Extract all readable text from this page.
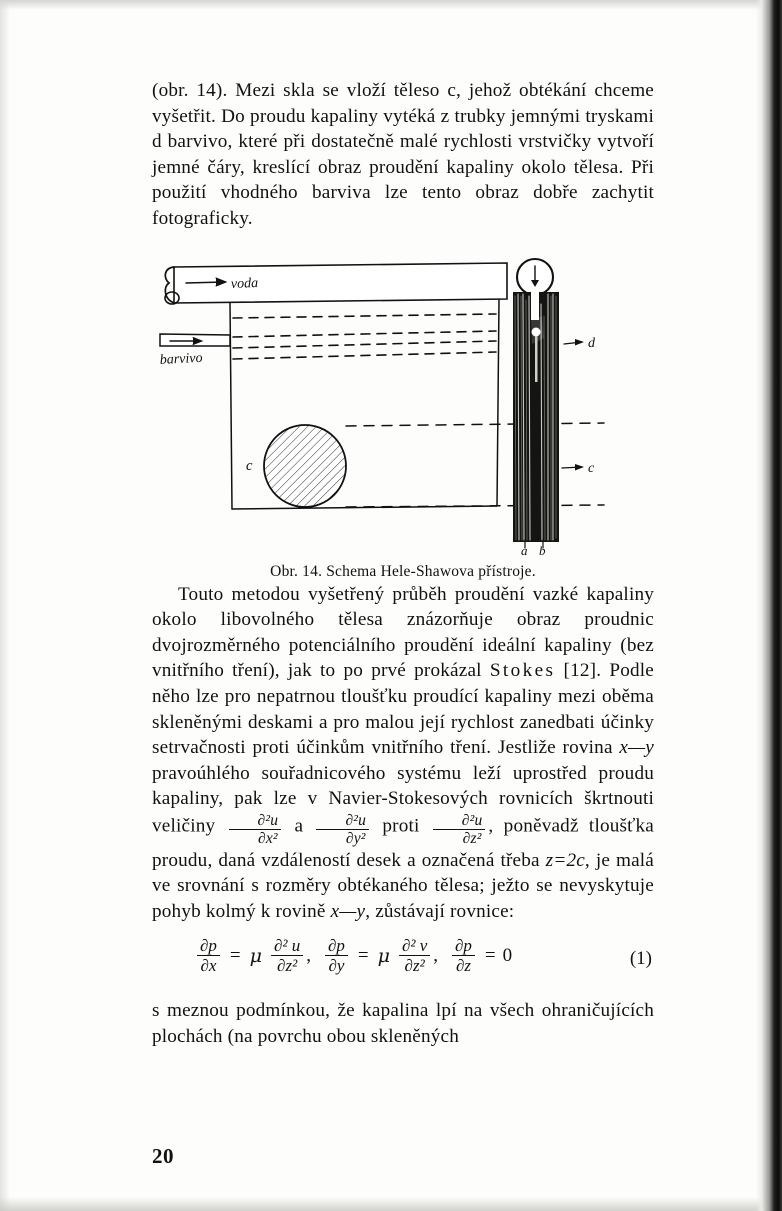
(obr. 14). Mezi skla se vloží těleso c, jehož obtékání chceme vyšetřit. Do proudu kapaliny vytéká z trubky jemnými tryskami d barvivo, které při dostatečně malé rychlosti vrstvičky vytvoří jemné čáry, kreslící obraz proudění kapaliny okolo tělesa. Při použití vhodného barviva lze tento obraz dobře zachytit fotograficky.

voda
barvivo
c
d
c
a b

Obr. 14. Schema Hele-Shawova přístroje.

Touto metodou vyšetřený průběh proudění vazké kapaliny okolo libovolného tělesa znázorňuje obraz proudnic dvojrozměrného potenciálního proudění ideální kapaliny (bez vnitřního tření), jak to po prvé prokázal Stokes [12]. Podle něho lze pro nepatrnou tloušťku proudící kapaliny mezi oběma skleněnými deskami a pro malou její rychlost zanedbati účinky setrvačnosti proti účinkům vnitřního tření. Jestliže rovina x—y pravoúhlého souřadnicového systému leží uprostřed proudu kapaliny, pak lze v Navier-Stokesových rovnicích škrtnouti veličiny $\frac{\text{∂²u}}{\text{∂x²}}$ a $\frac{\text{∂²u}}{\text{∂y²}}$ proti $\frac{\text{∂²u}}{\text{∂z²}}$ , poněvadž tloušťka proudu, daná vzdáleností desek a označená třeba z=2c, je malá ve srovnání s rozměry obtékaného tělesa; ježto se nevyskytuje pohyb kolmý k rovině x—y, zůstávají rovnice:

$\frac{\partial p}{\partial x} = \mu \frac{\text{∂² u}}{\text{∂z²}}$ , $\frac{\partial p}{\partial y} = \mu \frac{\text{∂² v}}{\text{∂z²}}$ , $\frac{\partial p}{\partial z} = 0$	(1)

s meznou podmínkou, že kapalina lpí na všech ohraničujících plochách (na povrchu obou skleněných

20
